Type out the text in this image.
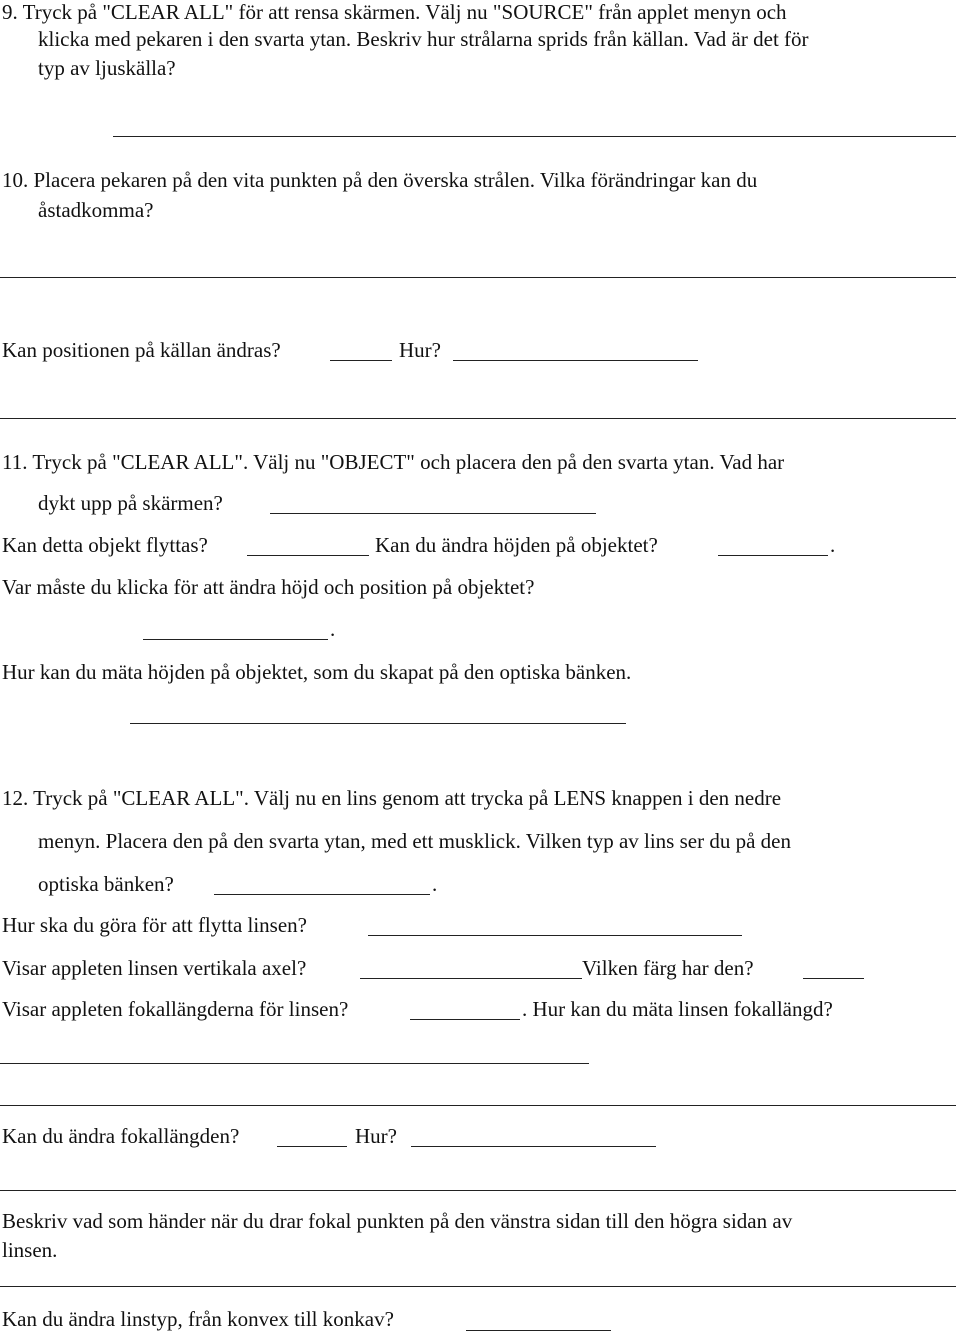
9. Tryck på "CLEAR ALL" för att rensa skärmen. Välj nu "SOURCE" från applet menyn och
klicka med pekaren i den svarta ytan. Beskriv hur strålarna sprids från källan. Vad är det för
typ av ljuskälla?
10. Placera pekaren på den vita punkten på den överska strålen. Vilka förändringar kan du
åstadkomma?
Kan positionen på källan ändras?	Hur?
11. Tryck på "CLEAR ALL". Välj nu "OBJECT" och placera den på den svarta ytan. Vad har
dykt upp på skärmen?
Kan detta objekt flyttas?	Kan du ändra höjden på objektet?	.
Var måste du klicka för att ändra höjd och position på objektet?
.
Hur kan du mäta höjden på objektet, som du skapat på den optiska bänken.
12. Tryck på "CLEAR ALL". Välj nu en lins genom att trycka på LENS knappen i den nedre
menyn. Placera den på den svarta ytan, med ett musklick. Vilken typ av lins ser du på den
optiska bänken?	.
Hur ska du göra för att flytta linsen?
Visar appleten linsen vertikala axel?	Vilken färg har den?
Visar appleten fokallängderna för linsen?	. Hur kan du mäta linsen fokallängd?
Kan du ändra fokallängden?	Hur?
Beskriv vad som händer när du drar fokal punkten på den vänstra sidan till den högra sidan av
linsen.
Kan du ändra linstyp, från konvex till konkav?
